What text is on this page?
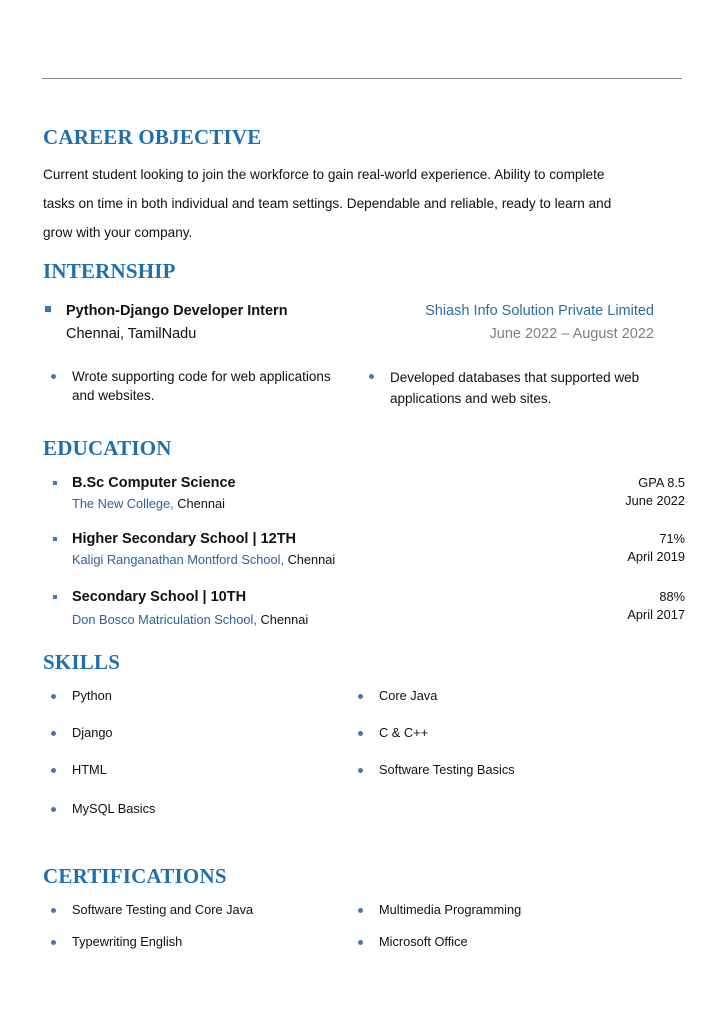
CAREER OBJECTIVE
Current student looking to join the workforce to gain real-world experience. Ability to complete
tasks on time in both individual and team settings. Dependable and reliable, ready to learn and
grow with your company.
INTERNSHIP
Python-Django Developer Intern
Chennai, TamilNadu
Shiash Info Solution Private Limited
June 2022 – August 2022
Wrote supporting code for web applications
and websites.
Developed databases that supported web
applications and web sites.
EDUCATION
B.Sc Computer Science
The New College, Chennai
GPA 8.5
June 2022
Higher Secondary School | 12TH
Kaligi Ranganathan Montford School, Chennai
71%
April 2019
Secondary School | 10TH
Don Bosco Matriculation School, Chennai
88%
April 2017
SKILLS
Python
Django
HTML
MySQL Basics
Core Java
C & C++
Software Testing Basics
CERTIFICATIONS
Software Testing and Core Java
Typewriting English
Multimedia Programming
Microsoft Office
